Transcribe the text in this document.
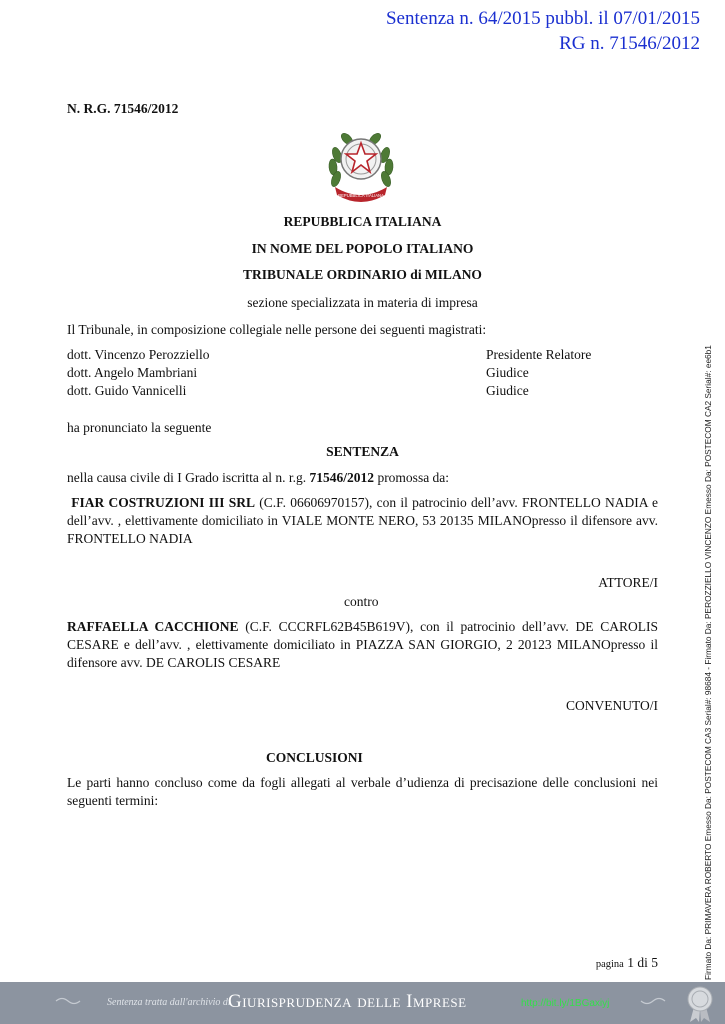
Sentenza n. 64/2015 pubbl. il 07/01/2015
RG n. 71546/2012
N. R.G. 71546/2012
REPUBBLICA ITALIANA
REPUBBLICA ITALIANA
IN NOME DEL POPOLO ITALIANO
TRIBUNALE ORDINARIO di MILANO
sezione specializzata in materia di impresa
Il Tribunale, in composizione collegiale nelle persone dei seguenti magistrati:
dott. Vincenzo Perozziello	Presidente Relatore
dott. Angelo Mambriani	Giudice
dott. Guido Vannicelli	Giudice
ha pronunciato la seguente
SENTENZA
nella causa civile di I Grado iscritta al n. r.g. 71546/2012 promossa da:
FIAR COSTRUZIONI III SRL (C.F. 06606970157), con il patrocinio dell’avv. FRONTELLO NADIA e dell’avv. , elettivamente domiciliato in VIALE MONTE NERO, 53 20135 MILANOpresso il difensore avv. FRONTELLO NADIA
ATTORE/I
contro
RAFFAELLA CACCHIONE (C.F. CCCRFL62B45B619V), con il patrocinio dell’avv. DE CAROLIS CESARE e dell’avv. , elettivamente domiciliato in PIAZZA SAN GIORGIO, 2 20123 MILANOpresso il difensore avv. DE CAROLIS CESARE
CONVENUTO/I
CONCLUSIONI
Le parti hanno concluso come da fogli allegati al verbale d’udienza di precisazione delle conclusioni nei seguenti termini:
pagina 1 di 5	Firmato Da: PRIMAVERA ROBERTO Emesso Da: POSTECOM CA3 Serial#: 98684 - Firmato Da: PEROZZIELLO VINCENZO Emesso Da: POSTECOM CA2 Serial#: ee6b1
Sentenza tratta dall'archivio di
Giurisprudenza delle Imprese	http://bit.ly/1BGaxiyj
